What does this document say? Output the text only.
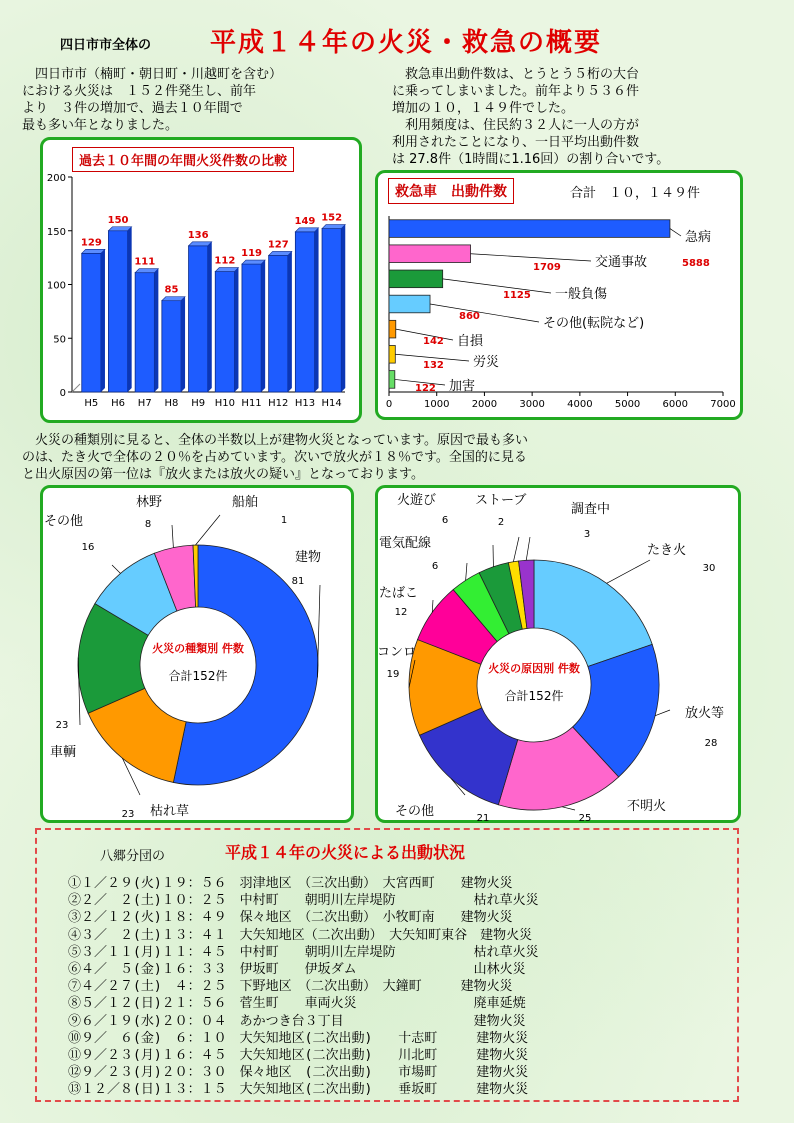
四日市市全体の 平成１４年の火災・救急の概要
　四日市市（楠町・朝日町・川越町を含む）
における火災は　１５２件発生し、前年
より　３件の増加で、過去１０年間で
最も多い年となりました。
　救急車出動件数は、とうとう５桁の大台
に乗ってしまいました。前年より５３６件
増加の１０，１４９件でした。
　利用頻度は、住民約３２人に一人の方が
利用されたことになり、一日平均出動件数
は 27.8件（1時間に1.16回）の割り合いです。
過去１０年間の年間火災件数の比較
0
50
100
150
200
129
H5
150
H6
111
H7
85
H8
136
H9
112
H10
119
H11
127
H12
149
H13
152
H14
救急車　出動件数	合計　１０，１４９件
0	1000 2000 3000 4000 5000 6000 7000
急病
5888
交通事故
1709
一般負傷
1125
その他(転院など)
860
自損
142
労災
132
加害
122
　火災の種類別に見ると、全体の半数以上が建物火災となっています。原因で最も多い
のは、たき火で全体の２０％を占めています。次いで放火が１８％です。全国的に見る
と出火原因の第一位は『放火または放火の疑い』となっております。
建物
81
枯れ草
23
車輌
23
その他
16
林野
8
船舶
1
火災の種類別 件数
合計152件
たき火
30
放火等
28
不明火
25
その他	21
コンロ
19
たばこ
12
電気配線
6
火遊び
6
ストーブ
2
調査中
3
火災の原因別 件数
合計152件
八郷分団の	平成１４年の火災による出動状況
①１／２９(火)１９：５６　羽津地区　（三次出動）　大宮西町　　建物火災
②２／　２(土)１０：２５　中村町　　朝明川左岸堤防　　　　　　枯れ草火災
③２／１２(火)１８：４９　保々地区　（二次出動）　小牧町南　　建物火災
④３／　２(土)１３：４１　大矢知地区（二次出動）　大矢知町東谷　建物火災
⑤３／１１(月)１１：４５　中村町　　朝明川左岸堤防　　　　　　枯れ草火災
⑥４／　５(金)１６：３３　伊坂町　　伊坂ダム　　　　　　　　　山林火災
⑦４／２７(土)　４：２５　下野地区　（二次出動）　大鐘町　　　建物火災
⑧５／１２(日)２１：５６　菅生町　　車両火災　　　　　　　　　廃車延焼
⑨６／１９(水)２０：０４　あかつき台３丁目　　　　　　　　　　建物火災
⑩９／　６(金)　６：１０　大矢知地区(二次出動)　　十志町　　　建物火災
⑪９／２３(月)１６：４５　大矢知地区(二次出動)　　川北町　　　建物火災
⑫９／２３(月)２０：３０　保々地区　(二次出動)　　市場町　　　建物火災
⑬１２／８(日)１３：１５　大矢知地区(二次出動)　　垂坂町　　　建物火災
